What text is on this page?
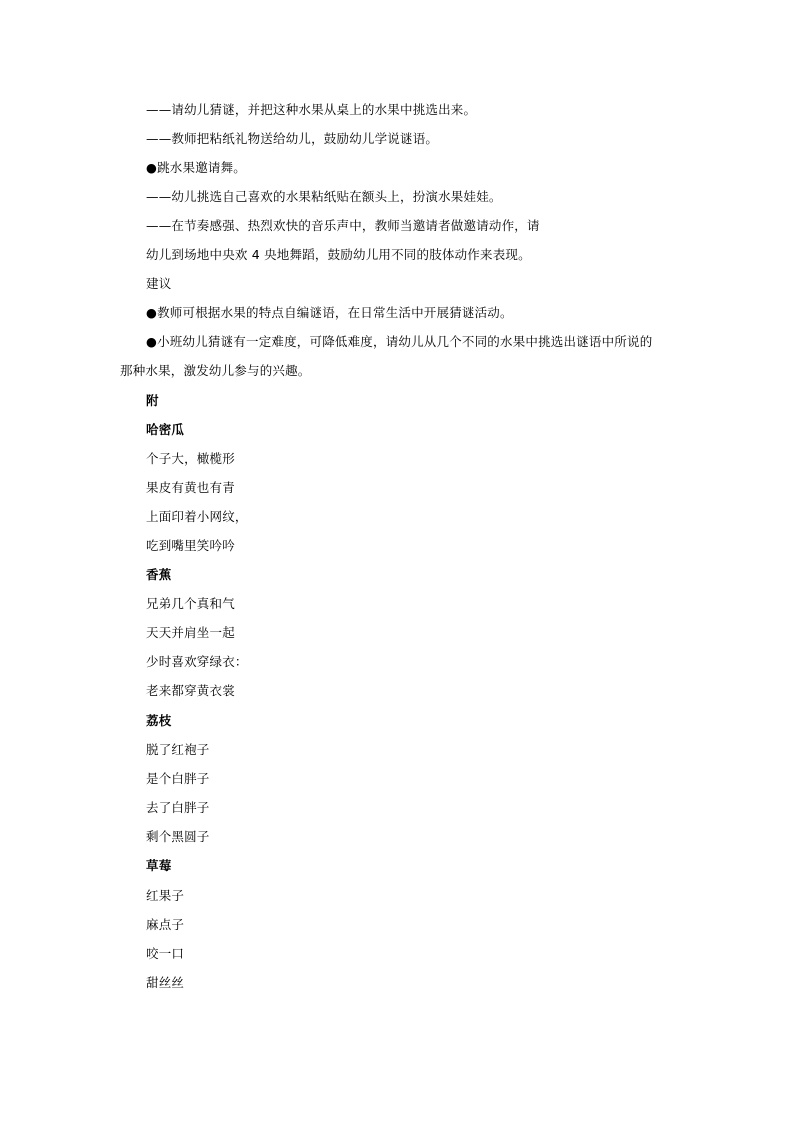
——请幼儿猜谜，并把这种水果从桌上的水果中挑选出来。
——教师把粘纸礼物送给幼儿，鼓励幼儿学说谜语。
●跳水果邀请舞。
——幼儿挑选自己喜欢的水果粘纸贴在额头上，扮演水果娃娃。
——在节奏感强、热烈欢快的音乐声中，教师当邀请者做邀请动作，请
幼儿到场地中央欢 4 央地舞蹈，鼓励幼儿用不同的肢体动作来表现。
建议
●教师可根据水果的特点自编谜语，在日常生活中开展猜谜活动。
●小班幼儿猜谜有一定难度，可降低难度，请幼儿从几个不同的水果中挑选出谜语中所说的
那种水果，激发幼儿参与的兴趣。
附
哈密瓜
个子大，橄榄形
果皮有黄也有青
上面印着小网纹，
吃到嘴里笑吟吟
香蕉
兄弟几个真和气
天天并肩坐一起
少时喜欢穿绿衣：
老来都穿黄衣裳
荔枝
脱了红袍子
是个白胖子
去了白胖子
剩个黑圆子
草莓
红果子
麻点子
咬一口
甜丝丝
